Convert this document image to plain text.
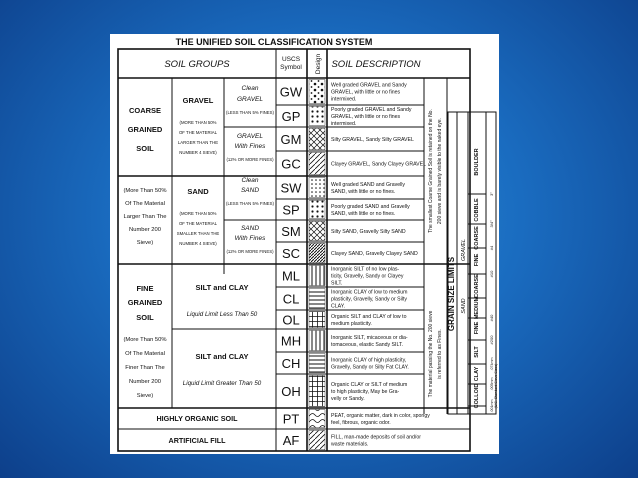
THE UNIFIED SOIL CLASSIFICATION SYSTEM
SOIL GROUPS	USCS
Symbol Design SOIL DESCRIPTION
COARSE
GRAINED
SOIL
(More Than 50%
Of The Material
Larger Than The
Number 200
Sieve)
GRAVEL
(MORE THAN 50%
OF THE MATERIAL
LARGER THAN THE
NUMBER 4 SIEVE)
Clean
GRAVEL
(LESS THAN 5% FINES)
GRAVEL
With Fines
(12% OR MORE FINES)
SAND
(MORE THAN 50%
OF THE MATERIAL
SMALLER THAN THE
NUMBER 4 SIEVE)
Clean
SAND
(LESS THAN 5% FINES)
SAND
With Fines
(12% OR MORE FINES)
FINE
GRAINED
SOIL
(More Than 50%
Of The Material
Finer Than The
Number 200
Sieve)
SILT and CLAY
Liquid Limit Less Than 50
SILT and CLAY
Liquid Limit Greater Than 50
HIGHLY ORGANIC SOIL
ARTIFICIAL FILL
GW
GP
GM
GC
SW
SP
SM
SC
ML
CL
OL
MH
CH
OH
PT
AF
Well graded GRAVEL and Sandy
GRAVEL, with little or no fines
intermixed.
Poorly graded GRAVEL and Sandy
GRAVEL, with little or no fines
intermixed.
Silty GRAVEL, Sandy Silty GRAVEL
Clayey GRAVEL, Sandy Clayey GRAVEL
Well graded SAND and Gravelly
SAND, with little or no fines.
Poorly graded SAND and Gravelly
SAND, with little or no fines.
Silty SAND, Gravelly Silty SAND
Clayey SAND, Gravelly Clayey SAND
Inorganic SILT of no low plas-
ticity, Gravelly, Sandy or Clayey
SILT.
Inorganic CLAY of low to medium
plasticity, Gravelly, Sandy or Silty
CLAY.
Organic SILT and CLAY of low to
medium plasticity.
Inorganic SILT, micaceous or dia-
tomaceous, elastic Sandy SILT.
Inorganic CLAY of high plasticity,
Gravelly, Sandy or Silty Fat CLAY.
Organic CLAY or SILT of medium
to high plasticity, May be Gra-
velly or Sandy.
PEAT, organic matter, dark in color, spongy
feel, fibrous, organic odor.
FILL, man-made deposits of soil and/or
waste materials.
The smallest Coarse Grained Soil is retained on the No. 200 sieve and is barely visible to the naked eye.
The material passing the No. 200 sieve is referred to as Fines.
GRAIN SIZE LIMITS
COLLOID
CLAY
SILT
FINE
MEDIUM
COARSE
FINE
COARSE
COBBLE
BOULDER
SAND
GRAVEL
#200
#40
#10
#4
3/4"
3"
.001mm
.005mm
.074mm (U.S. Standard Sieve Sizes)
